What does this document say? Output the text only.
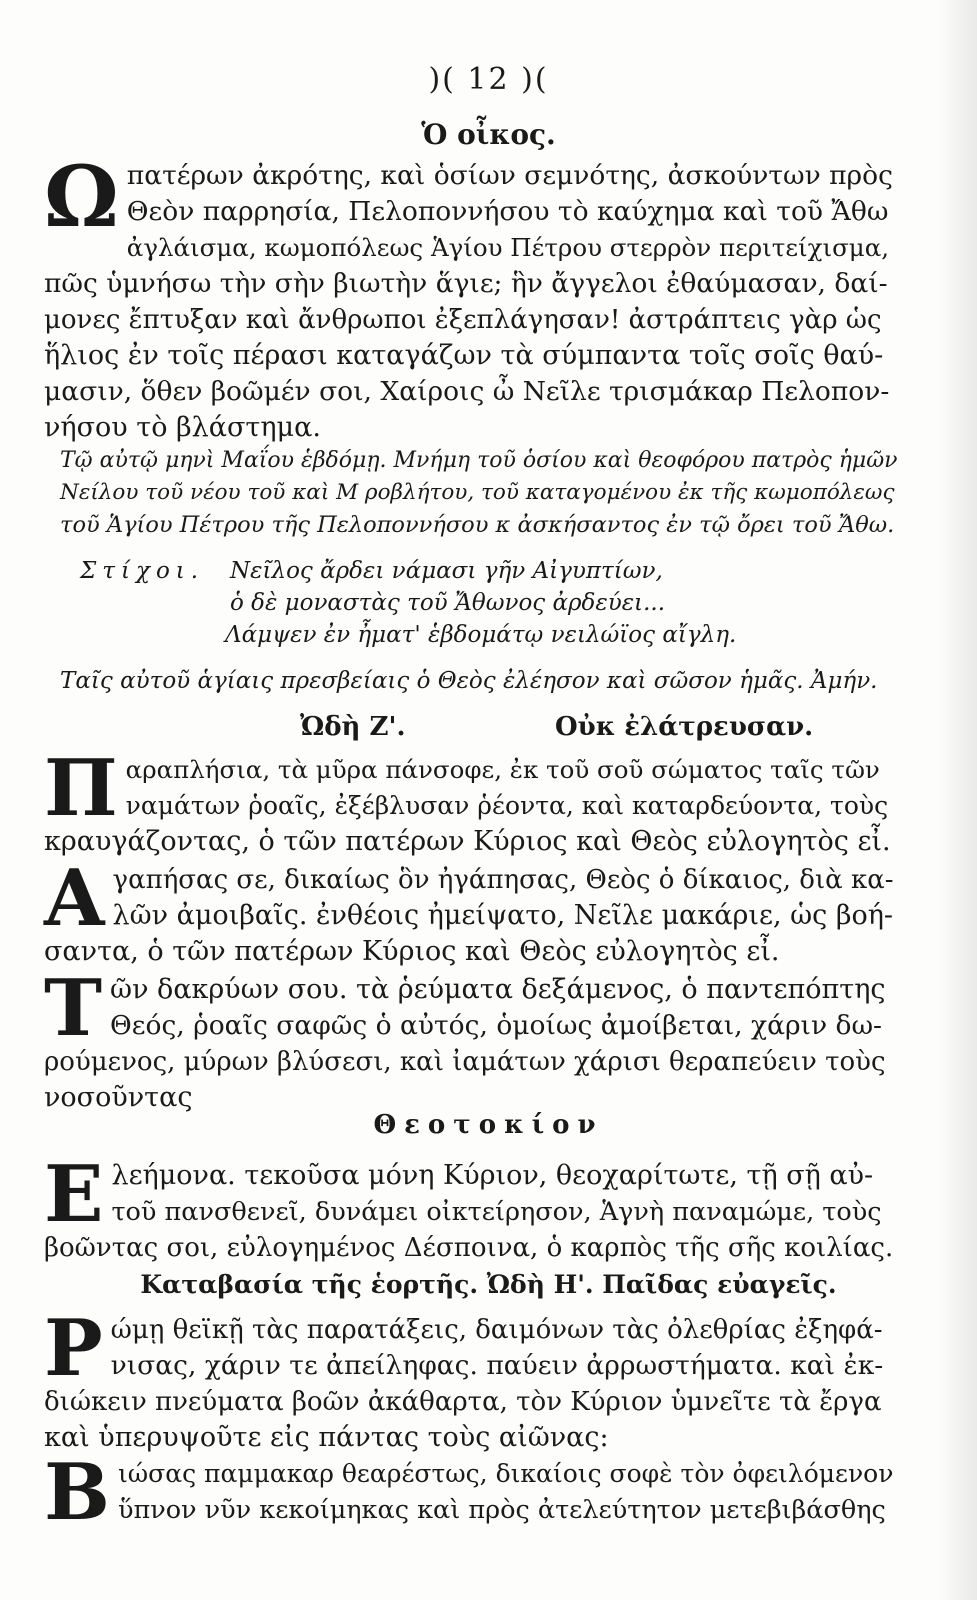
)( 12 )(
Ὁ οἶκος.
Ω πατέρων ἀκρότης, καὶ ὁσίων σεμνότης, ἀσκούντων πρὸς
Θεὸν παρρησία, Πελοποννήσου τὸ καύχημα καὶ τοῦ Ἄθω
ἀγλάισμα, κωμοπόλεως Ἁγίου Πέτρου στερρὸν περιτείχισμα,
πῶς ὑμνήσω τὴν σὴν βιωτὴν ἅγιε; ἣν ἄγγελοι ἐθαύμασαν, δαί-
μονες ἔπτυξαν καὶ ἄνθρωποι ἐξεπλάγησαν! ἀστράπτεις γὰρ ὡς
ἥλιος ἐν τοῖς πέρασι καταγάζων τὰ σύμπαντα τοῖς σοῖς θαύ-
μασιν, ὅθεν βοῶμέν σοι, Χαίροις ὦ Νεῖλε τρισμάκαρ Πελοπον-
νήσου τὸ βλάστημα.
Τῷ αὐτῷ μηνὶ Μαΐου ἑβδόμῃ. Μνήμη τοῦ ὁσίου καὶ θεοφόρου πατρὸς ἡμῶν
Νείλου τοῦ νέου τοῦ καὶ Μ ροβλήτου, τοῦ καταγομένου ἐκ τῆς κωμοπόλεως
τοῦ Ἁγίου Πέτρου τῆς Πελοποννήσου κ ἀσκήσαντος ἐν τῷ ὄρει τοῦ Ἄθω.
Στίχοι. Νεῖλος ἄρδει νάμασι γῆν Αἰγυπτίων,
ὁ δὲ μοναστὰς τοῦ Ἄθωνος ἀρδεύει...
Λάμψεν ἐν ἦματ' ἑβδομάτῳ νειλώϊος αἴγλη.
Ταῖς αὐτοῦ ἁγίαις πρεσβείαις ὁ Θεὸς ἐλέησον καὶ σῶσον ἡμᾶς. Ἀμήν.
Ὠδὴ Ζ'.	Οὐκ ἐλάτρευσαν.
Π αραπλήσια, τὰ μῦρα πάνσοφε, ἐκ τοῦ σοῦ σώματος ταῖς τῶν
ναμάτων ῥοαῖς, ἐξέβλυσαν ῥέοντα, καὶ καταρδεύοντα, τοὺς
κραυγάζοντας, ὁ τῶν πατέρων Κύριος καὶ Θεὸς εὐλογητὸς εἶ.
Α γαπήσας σε, δικαίως ὃν ἠγάπησας, Θεὸς ὁ δίκαιος, διὰ κα-
λῶν ἀμοιβαῖς. ἐνθέοις ἠμείψατο, Νεῖλε μακάριε, ὡς βοή-
σαντα, ὁ τῶν πατέρων Κύριος καὶ Θεὸς εὐλογητὸς εἶ.
Τ ῶν δακρύων σου. τὰ ῥεύματα δεξάμενος, ὁ παντεπόπτης
Θεός, ῥοαῖς σαφῶς ὁ αὐτός, ὁμοίως ἀμοίβεται, χάριν δω-
ρούμενος, μύρων βλύσεσι, καὶ ἰαμάτων χάρισι θεραπεύειν τοὺς
νοσοῦντας
Θεοτοκίον
Ε λεήμονα. τεκοῦσα μόνη Κύριον, θεοχαρίτωτε, τῇ σῇ αὐ-
τοῦ πανσθενεῖ, δυνάμει οἰκτείρησον, Ἁγνὴ παναμώμε, τοὺς
βοῶντας σοι, εὐλογημένος Δέσποινα, ὁ καρπὸς τῆς σῆς κοιλίας.
Καταβασία τῆς ἑορτῆς. Ὠδὴ Η'. Παῖδας εὐαγεῖς.
Ρ ώμῃ θεϊκῇ τὰς παρατάξεις, δαιμόνων τὰς ὀλεθρίας ἐξηφά-
νισας, χάριν τε ἀπείληφας. παύειν ἀρρωστήματα. καὶ ἐκ-
διώκειν πνεύματα βοῶν ἀκάθαρτα, τὸν Κύριον ὑμνεῖτε τὰ ἔργα
καὶ ὑπερυψοῦτε εἰς πάντας τοὺς αἰῶνας:
Β ιώσας παμμακαρ θεαρέστως, δικαίοις σοφὲ τὸν ὀφειλόμενον
ὕπνον νῦν κεκοίμηκας καὶ πρὸς ἀτελεύτητον μετεβιβάσθης
